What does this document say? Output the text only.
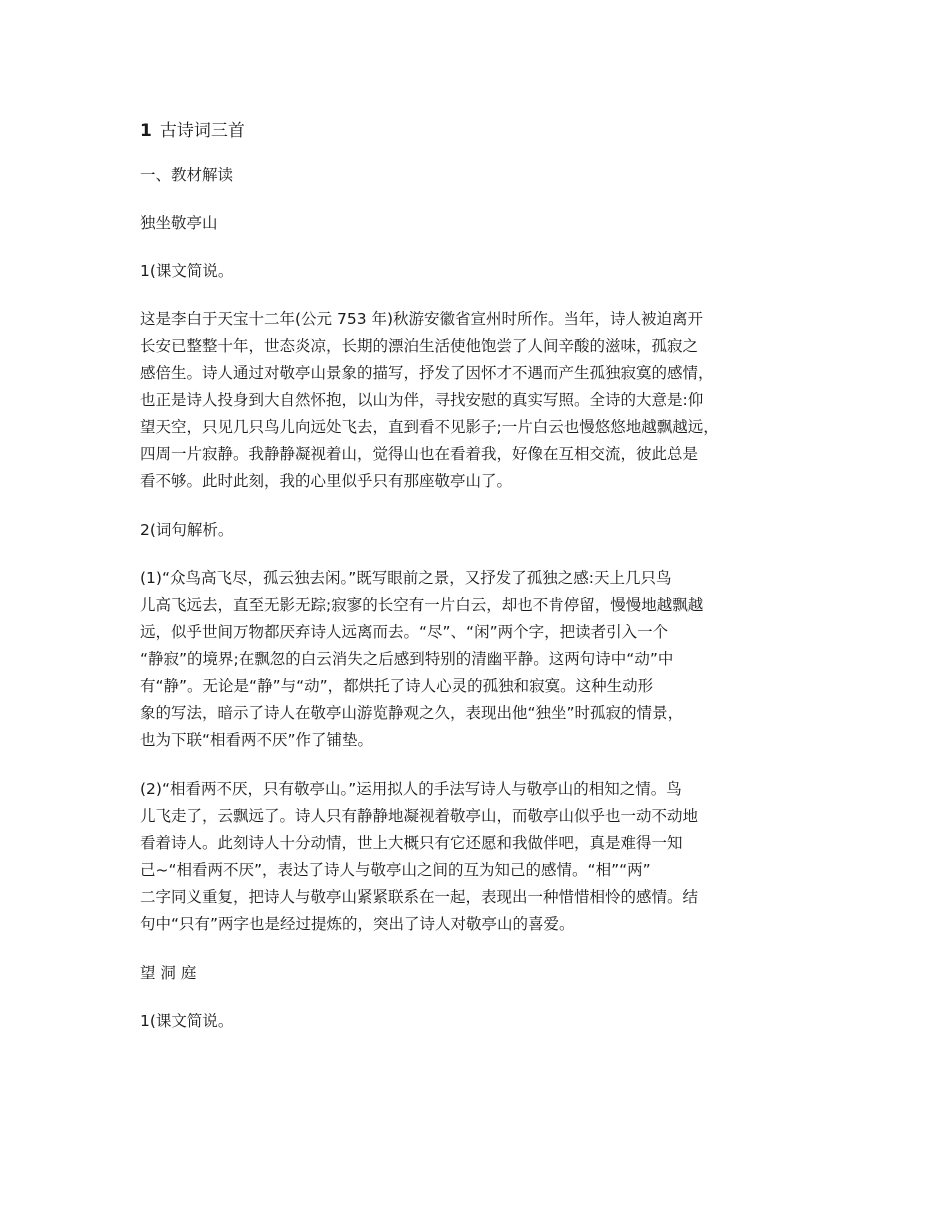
1 古诗词三首
一、教材解读
独坐敬亭山
1(课文简说。
这是李白于天宝十二年(公元 753 年)秋游安徽省宣州时所作。当年，诗人被迫离开
长安已整整十年，世态炎凉，长期的漂泊生活使他饱尝了人间辛酸的滋味，孤寂之
感倍生。诗人通过对敬亭山景象的描写，抒发了因怀才不遇而产生孤独寂寞的感情，
也正是诗人投身到大自然怀抱，以山为伴，寻找安慰的真实写照。全诗的大意是:仰
望天空，只见几只鸟儿向远处飞去，直到看不见影子;一片白云也慢悠悠地越飘越远，
四周一片寂静。我静静凝视着山，觉得山也在看着我，好像在互相交流，彼此总是
看不够。此时此刻，我的心里似乎只有那座敬亭山了。
2(词句解析。
(1)“众鸟高飞尽，孤云独去闲。”既写眼前之景，又抒发了孤独之感:天上几只鸟
儿高飞远去，直至无影无踪;寂寥的长空有一片白云，却也不肯停留，慢慢地越飘越
远，似乎世间万物都厌弃诗人远离而去。“尽”、“闲”两个字，把读者引入一个
“静寂”的境界;在飘忽的白云消失之后感到特别的清幽平静。这两句诗中“动”中
有“静”。无论是“静”与“动”，都烘托了诗人心灵的孤独和寂寞。这种生动形
象的写法，暗示了诗人在敬亭山游览静观之久，表现出他“独坐”时孤寂的情景，
也为下联“相看两不厌”作了铺垫。
(2)“相看两不厌，只有敬亭山。”运用拟人的手法写诗人与敬亭山的相知之情。鸟
儿飞走了，云飘远了。诗人只有静静地凝视着敬亭山，而敬亭山似乎也一动不动地
看着诗人。此刻诗人十分动情，世上大概只有它还愿和我做伴吧，真是难得一知
己~“相看两不厌”，表达了诗人与敬亭山之间的互为知己的感情。“相”“两”
二字同义重复，把诗人与敬亭山紧紧联系在一起，表现出一种惜惜相怜的感情。结
句中“只有”两字也是经过提炼的，突出了诗人对敬亭山的喜爱。
望 洞 庭
1(课文简说。
